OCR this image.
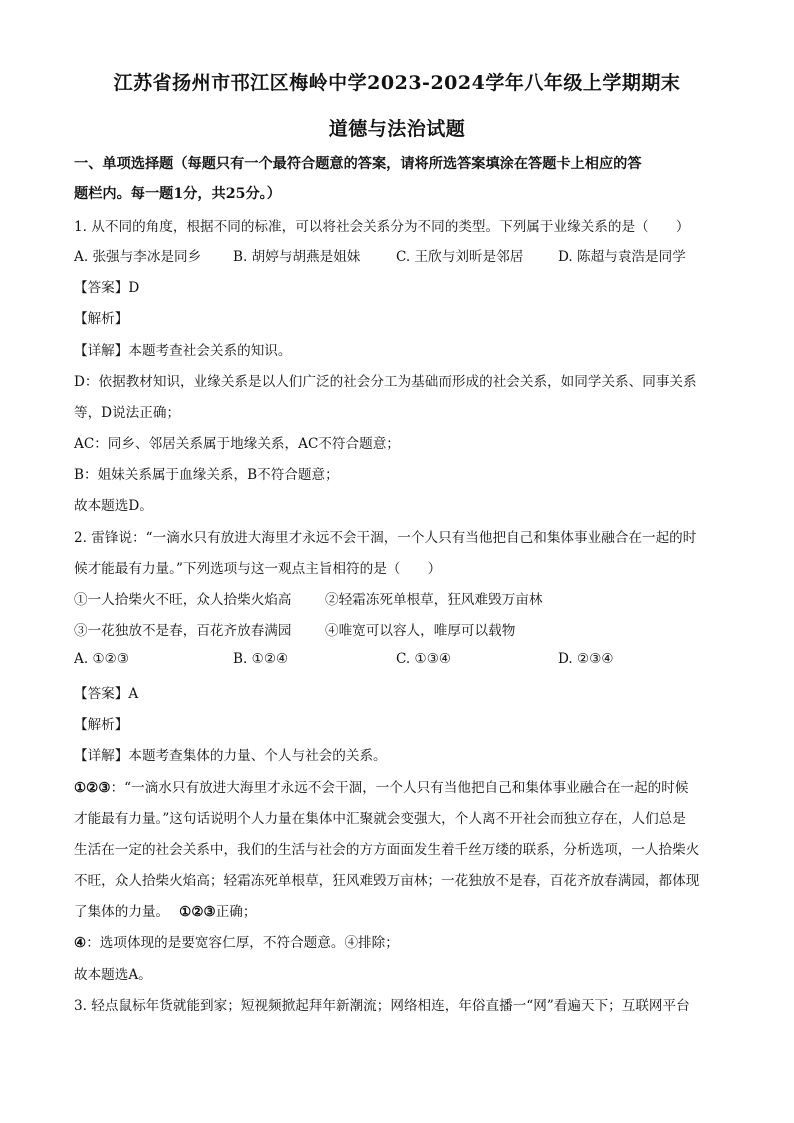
江苏省扬州市邗江区梅岭中学2023-2024学年八年级上学期期末
道德与法治试题
一、单项选择题（每题只有一个最符合题意的答案，请将所选答案填涂在答题卡上相应的答
题栏内。每一题1分，共25分。）
1. 从不同的角度，根据不同的标准，可以将社会关系分为不同的类型。下列属于业缘关系的是（　　）
A. 张强与李冰是同乡 B. 胡婷与胡燕是姐妹	C. 王欣与刘昕是邻居	D. 陈超与袁浩是同学
【答案】D
【解析】
【详解】本题考查社会关系的知识。
D：依据教材知识，业缘关系是以人们广泛的社会分工为基础而形成的社会关系，如同学关系、同事关系
等，D说法正确；
AC：同乡、邻居关系属于地缘关系，AC不符合题意；
B：姐妹关系属于血缘关系，B不符合题意；
故本题选D。
2. 雷锋说：“一滴水只有放进大海里才永远不会干涸，一个人只有当他把自己和集体事业融合在一起的时
候才能最有力量。”下列选项与这一观点主旨相符的是（　　）
①一人拾柴火不旺，众人拾柴火焰高 ②轻霜冻死单根草，狂风难毁万亩林
③一花独放不是春，百花齐放春满园 ④唯宽可以容人，唯厚可以载物
A. ①②③	B. ①②④	C. ①③④	D. ②③④
【答案】A
【解析】
【详解】本题考查集体的力量、个人与社会的关系。
①②③：“一滴水只有放进大海里才永远不会干涸，一个人只有当他把自己和集体事业融合在一起的时候
才能最有力量。”这句话说明个人力量在集体中汇聚就会变强大，个人离不开社会而独立存在，人们总是
生活在一定的社会关系中，我们的生活与社会的方方面面发生着千丝万缕的联系，分析选项，一人拾柴火
不旺，众人拾柴火焰高；轻霜冻死单根草，狂风难毁万亩林；一花独放不是春，百花齐放春满园，都体现
了集体的力量。 ①②③正确；
④：选项体现的是要宽容仁厚，不符合题意。④排除；
故本题选A。
3. 轻点鼠标年货就能到家；短视频掀起拜年新潮流；网络相连，年俗直播一“网”看遍天下；互联网平台
